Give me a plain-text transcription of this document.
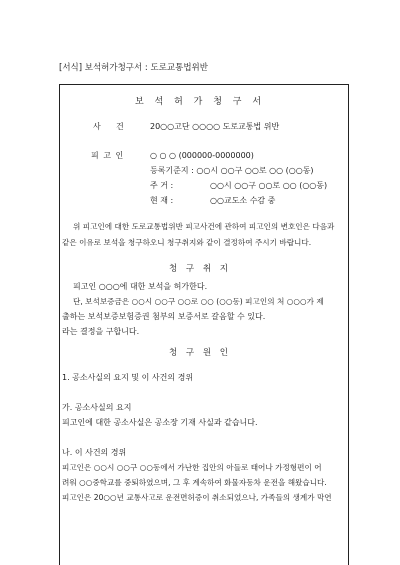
[서식] 보석허가청구서 : 도로교통법위반
보 석 허 가 청 구 서
사 건	20○○고단 ○○○○ 도로교통법 위반
피 고 인	○ ○ ○ (000000-0000000)
등록기준지 : ○○시 ○○구 ○○로 ○○ (○○동)
주 거 :	○○시 ○○구 ○○로 ○○ (○○동)
현 재 :	○○교도소 수감 중
위 피고인에 대한 도로교통법위반 피고사건에 관하여 피고인의 변호인은 다음과
같은 이유로 보석을 청구하오니 청구취지와 같이 결정하여 주시기 바랍니다.
청 구 취 지
피고인 ○○○에 대한 보석을 허가한다.
단, 보석보증금은 ○○시 ○○구 ○○로 ○○ (○○동) 피고인의 처 ○○○가 제
출하는 보석보증보험증권 첨부의 보증서로 갈음할 수 있다.
라는 결정을 구합니다.
청 구 원 인
1. 공소사실의 요지 및 이 사건의 경위
가. 공소사실의 요지
피고인에 대한 공소사실은 공소장 기재 사실과 같습니다.
나. 이 사건의 경위
피고인은 ○○시 ○○구 ○○동에서 가난한 집안의 아들로 태어나 가정형편이 어
려워 ○○중학교를 중퇴하였으며, 그 후 계속하여 화물자동차 운전을 해왔습니다.
피고인은 20○○년 교통사고로 운전면허증이 취소되었으나, 가족들의 생계가 막연
